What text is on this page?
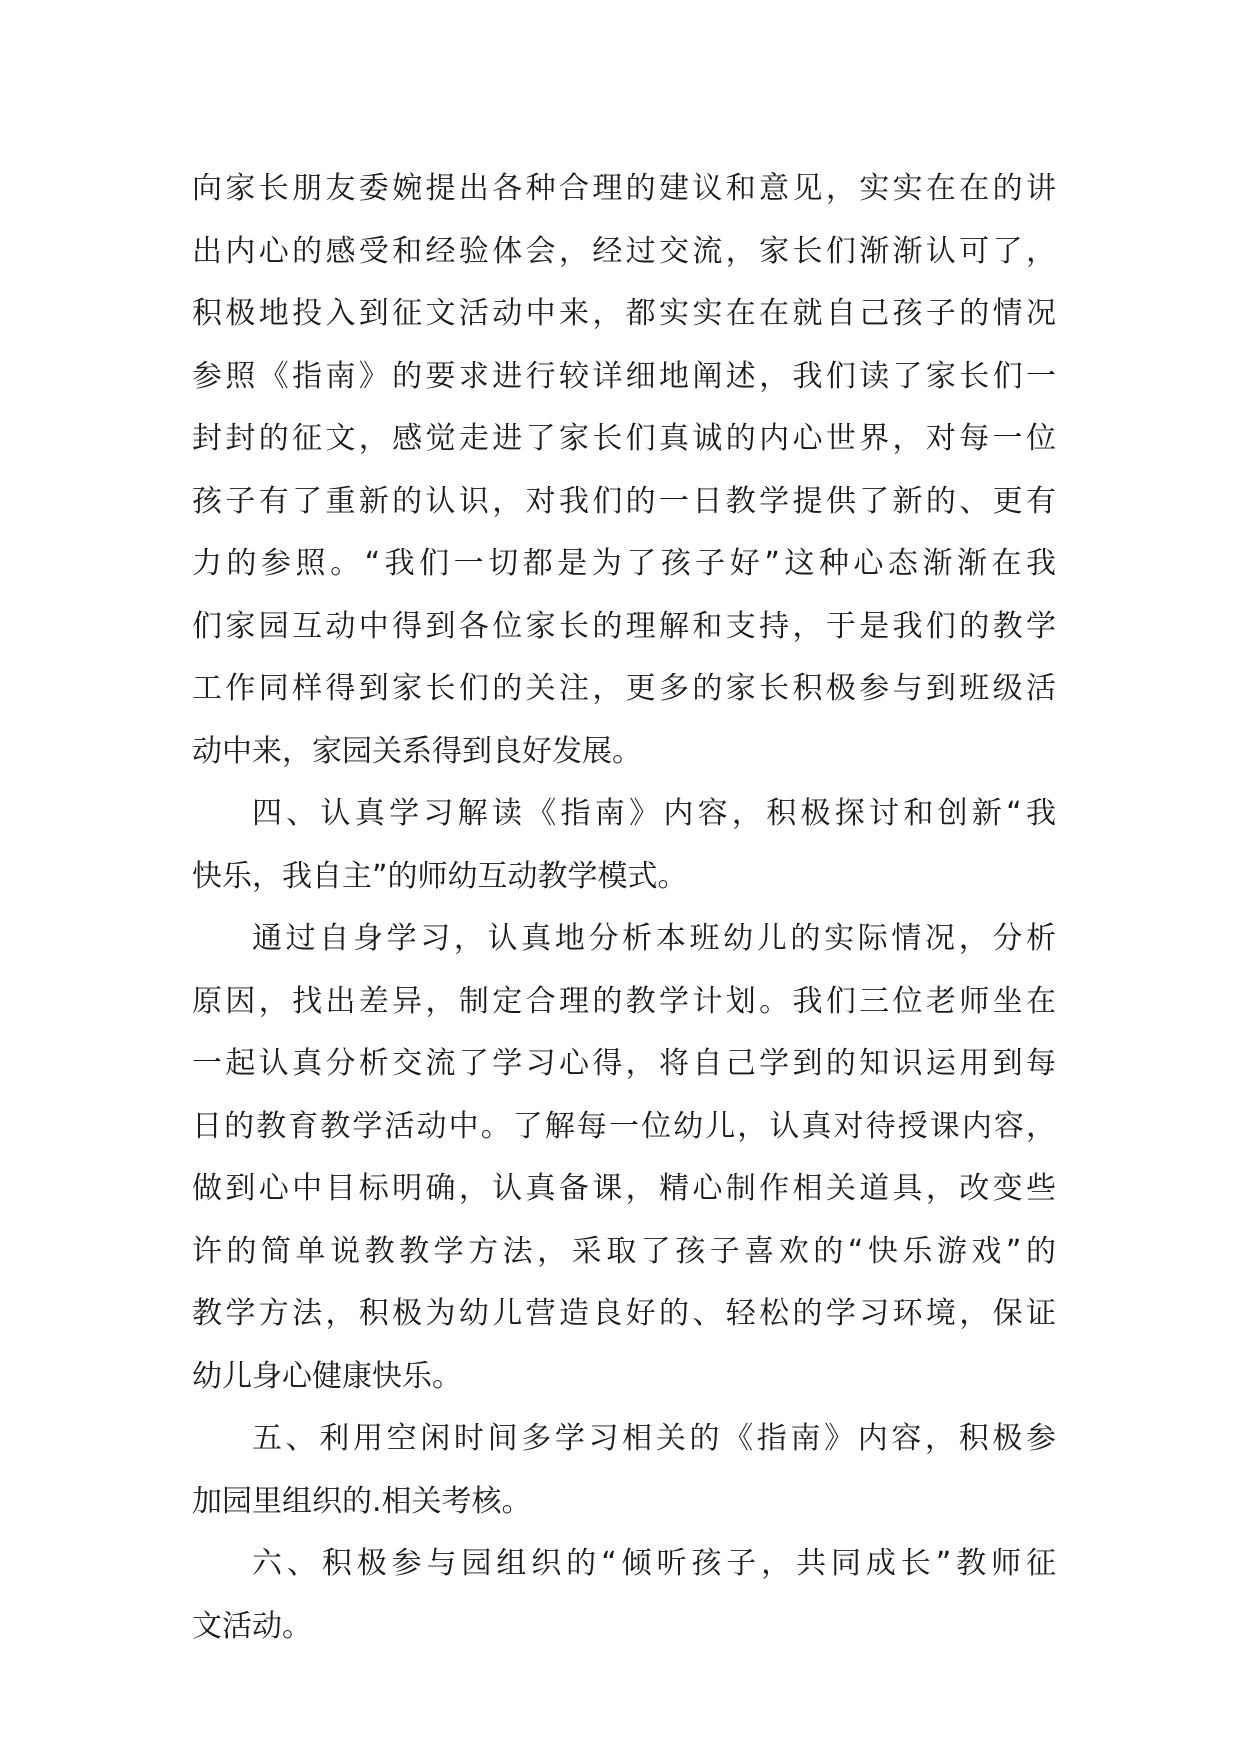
向家长朋友委婉提出各种合理的建议和意见，实实在在的讲
出内心的感受和经验体会，经过交流，家长们渐渐认可了，
积极地投入到征文活动中来，都实实在在就自己孩子的情况
参照《指南》的要求进行较详细地阐述，我们读了家长们一
封封的征文，感觉走进了家长们真诚的内心世界，对每一位
孩子有了重新的认识，对我们的一日教学提供了新的、更有
力的参照。“我们一切都是为了孩子好”这种心态渐渐在我
们家园互动中得到各位家长的理解和支持，于是我们的教学
工作同样得到家长们的关注，更多的家长积极参与到班级活
动中来，家园关系得到良好发展。
四、认真学习解读《指南》内容，积极探讨和创新“我
快乐，我自主”的师幼互动教学模式。
通过自身学习，认真地分析本班幼儿的实际情况，分析
原因，找出差异，制定合理的教学计划。我们三位老师坐在
一起认真分析交流了学习心得，将自己学到的知识运用到每
日的教育教学活动中。了解每一位幼儿，认真对待授课内容，
做到心中目标明确，认真备课，精心制作相关道具，改变些
许的简单说教教学方法，采取了孩子喜欢的“快乐游戏”的
教学方法，积极为幼儿营造良好的、轻松的学习环境，保证
幼儿身心健康快乐。
五、利用空闲时间多学习相关的《指南》内容，积极参
加园里组织的.相关考核。
六、积极参与园组织的“倾听孩子，共同成长”教师征
文活动。
